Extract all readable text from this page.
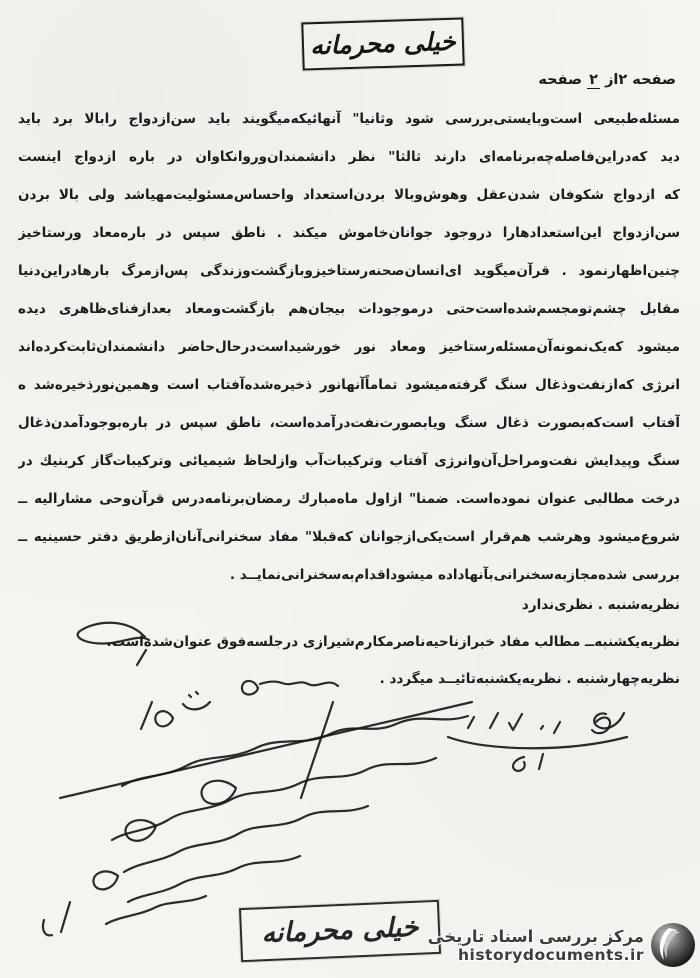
خیلی محرمانه
صفحه ۲از ۲ صفحه
مسئله‌طبیعی است‌وبایستی‌بررسی شود وثانیا" آنهائیکه‌میگویند باید سن‌ازدواج رابالا برد باید
دید که‌دراین‌فاصله‌چه‌برنامه‌ای دارند ثالثا" نظر دانشمندان‌وروانکاوان در باره ازدواج اینست
که ازدواج شکوفان شدن‌عقل وهوش‌وبالا بردن‌استعداد واحساس‌مسئولیت‌مهیاشد ولی بالا بردن
سن‌ازدواج این‌استعدادهارا دروجود جوانان‌خاموش میکند . ناطق سپس در باره‌معاد ورستاخیز
چنین‌اظهارنمود . قرآن‌میگوید ای‌انسان‌صحنه‌رستاخیزوبازگشت‌وزندگی پس‌ازمرگ بارهادراین‌دنیا
مقابل چشم‌تومجسم‌شده‌است‌حتی درموجودات بیجان‌هم بازگشت‌ومعاد بعدازفنای‌ظاهری دیده
میشود که‌یک‌نمونه‌آن‌مسئله‌رستاخیز ومعاد نور خورشیداست‌درحال‌حاضر دانشمندان‌ثابت‌کرده‌اند
انرژی که‌ازنفت‌وذغال سنگ گرفته‌میشود تماماً‌آنهانور ذخیره‌شده‌آفتاب است وهمین‌نورذخیره‌شد ه
آفتاب است‌که‌بصورت ذغال سنگ ویابصورت‌نفت‌درآمده‌است، ناطق سپس در باره‌بوجودآمدن‌ذغال
سنگ وپیدایش نفت‌ومراحل‌آن‌وانرژی آفتاب وترکیبات‌آب وازلحاظ شیمیائی وترکیبات‌گاز کربنیك در
درخت مطالبی عنوان نموده‌است. ضمنا" ازاول ماه‌مبارك رمضان‌برنامه‌درس قرآن‌وحی مشارالیه ــ
شروع‌میشود وهرشب هم‌قرار است‌یکی‌ازجوانان که‌قبلا" مفاد سخنرانی‌آنان‌ازطریق دفتر حسینیه ــ
بررسی شده‌مجازبه‌سخنرانی‌بآنهاداده میشوداقدام‌به‌سخنرانی‌نمایــد .
نظریه‌شنبه . نظری‌ندارد
نظریه‌یکشنبه‌ــ مطالب مفاد خبرازناحیه‌ناصرمکارم‌شیرازی درجلسه‌فوق عنوان‌شده‌است.
نظریه‌چهارشنبه . نظریه‌یکشنبه‌تائیــد میگردد .
خیلی محرمانه مرکز بررسی اسناد تاریخی
historydocuments.ir
